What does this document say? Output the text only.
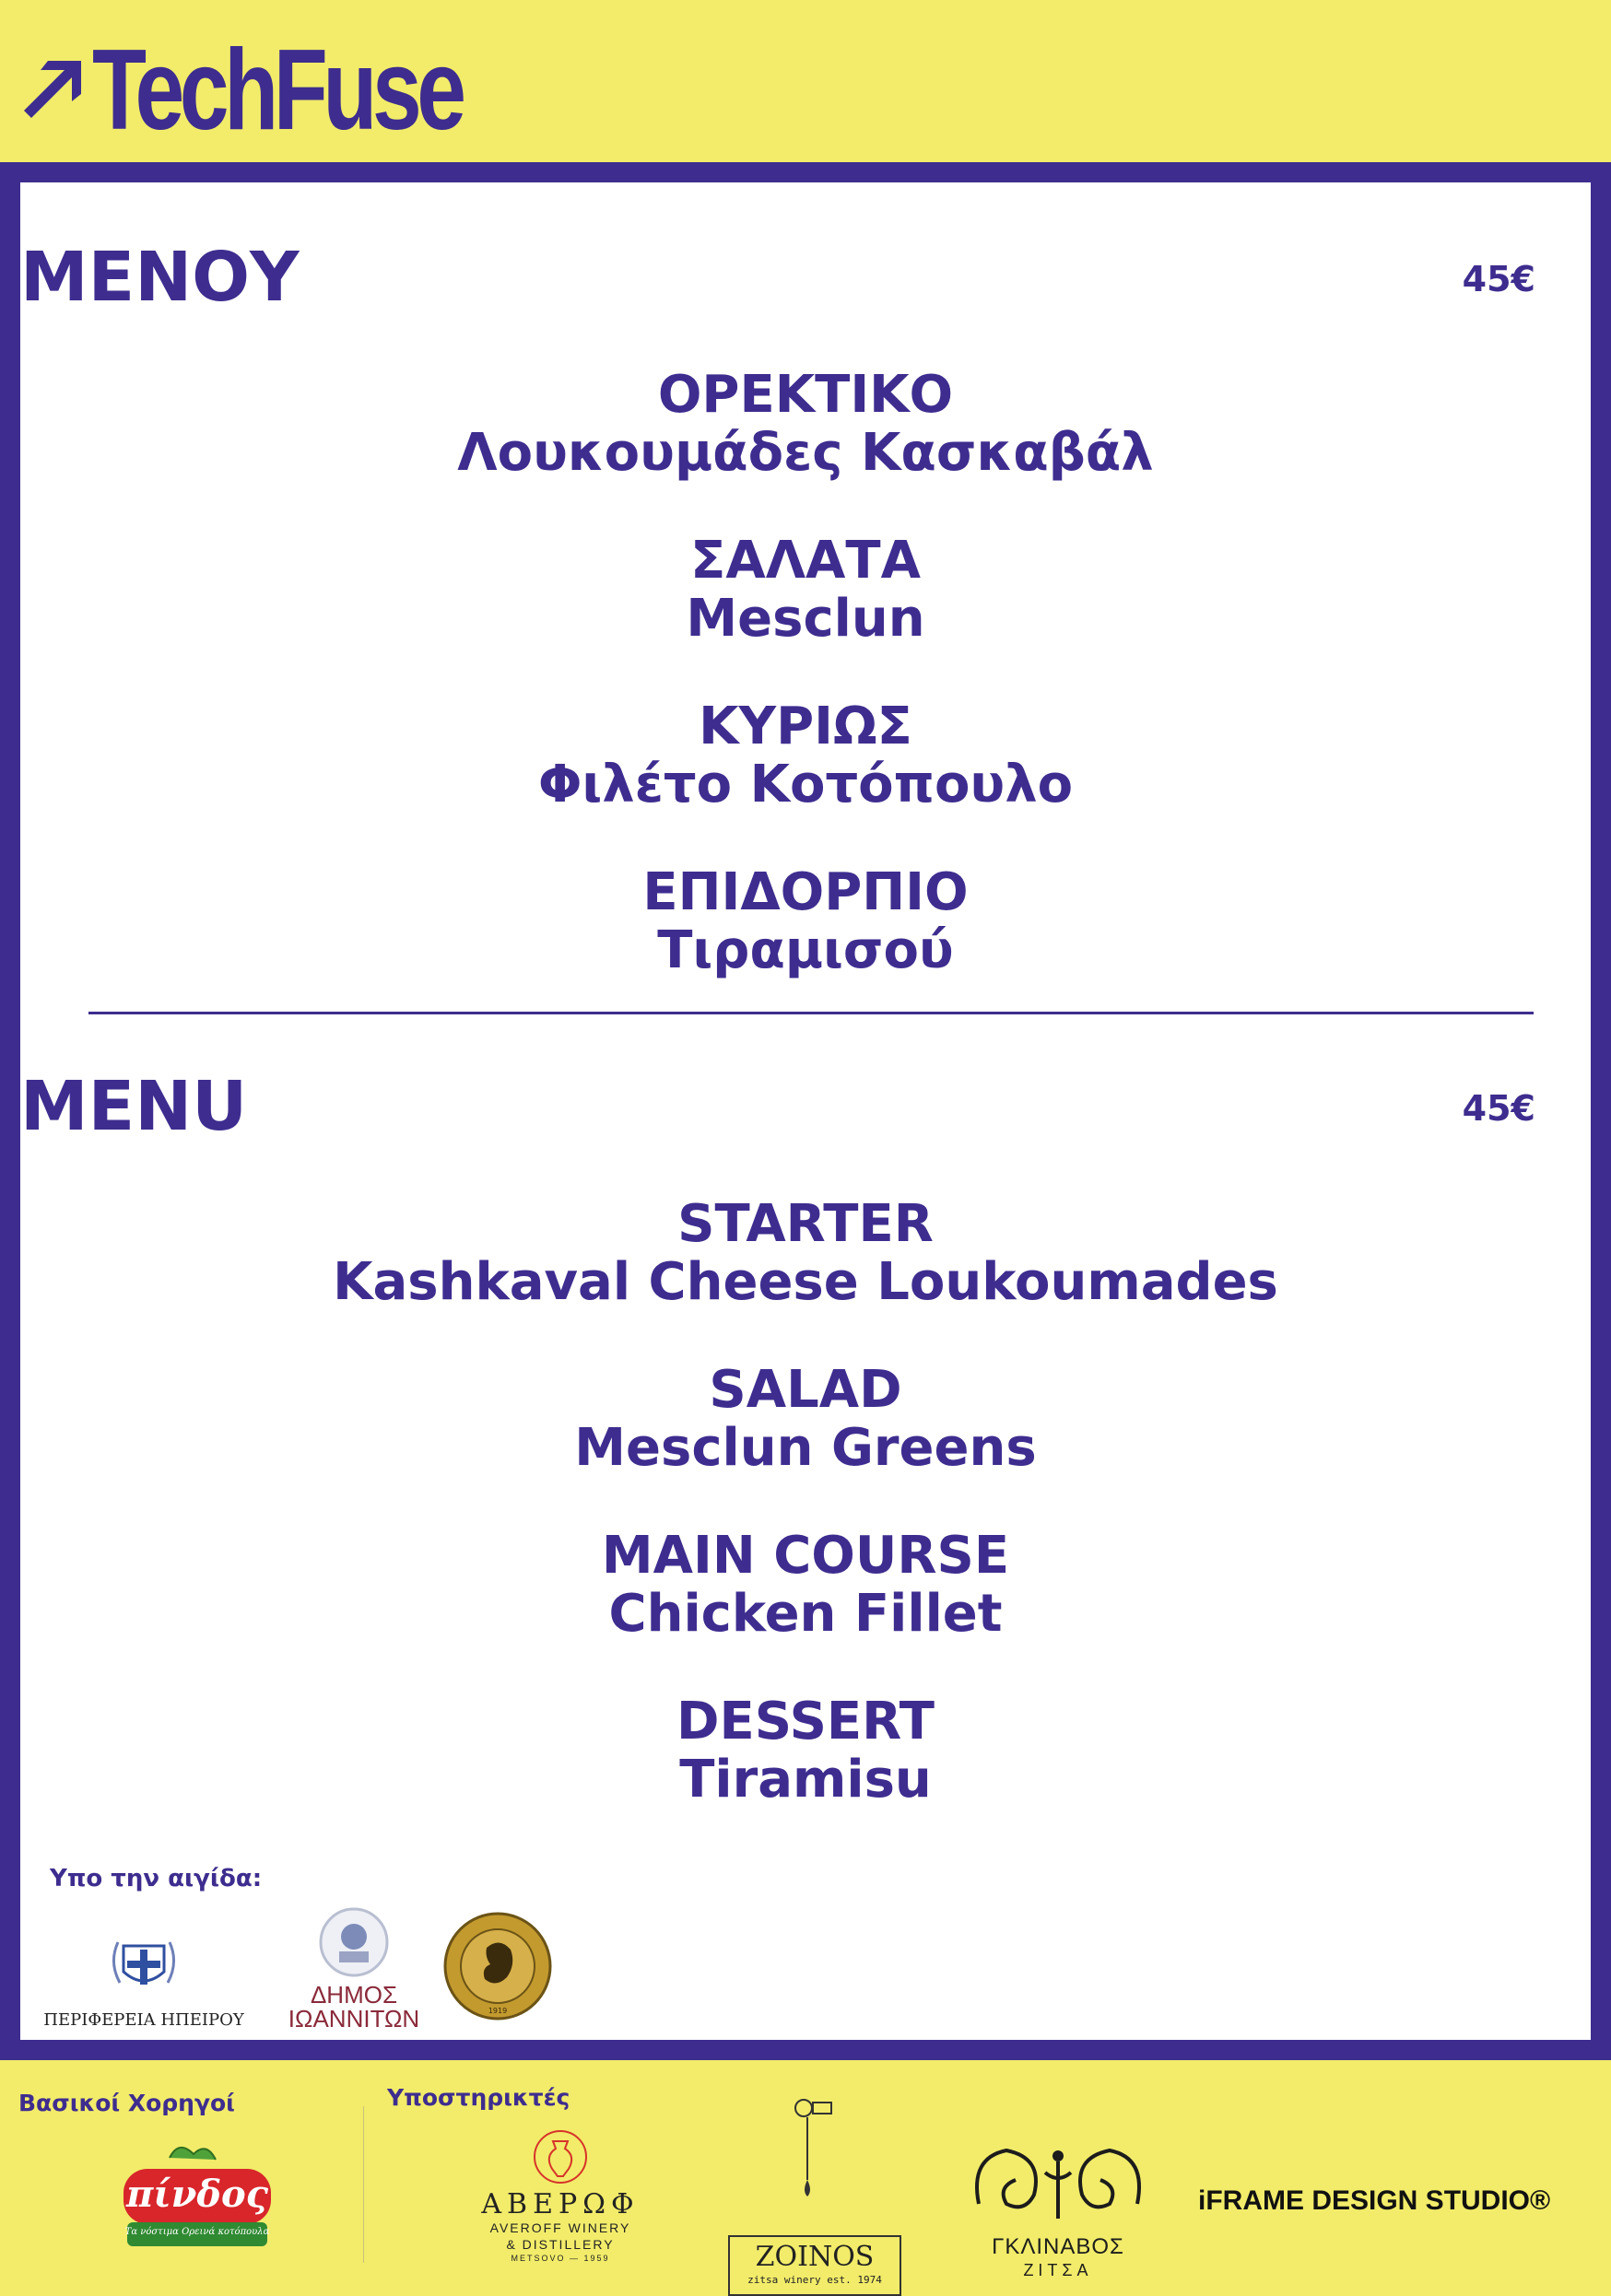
TechFuse
ΜΕΝΟΥ	45€
ΟΡΕΚΤΙΚΟ
Λουκουμάδες Κασκαβάλ
ΣΑΛΑΤΑ
Mesclun
ΚΥΡΙΩΣ
Φιλέτο Κοτόπουλο
ΕΠΙΔΟΡΠΙΟ
Τιραμισού
MENU	45€
STARTER
Kashkaval Cheese Loukoumades
SALAD
Mesclun Greens
MAIN COURSE
Chicken Fillet
DESSERT
Tiramisu
Υπο την αιγίδα:
ΠΕΡΙΦΕΡΕΙΑ ΗΠΕΙΡΟΥ
ΔΗΜΟΣ
ΙΩΑΝΝΙΤΩΝ	1919
Βασικοί Χορηγοί	Υποστηρικτές
πίνδος
Τα νόστιμα Ορεινά κοτόπουλα
ΑΒΕΡΩΦ
AVEROFF WINERY
& DISTILLERY
METSOVO — 1959	ZOINOS
zitsa winery est. 1974
ΓΚΛΙΝΑΒΟΣ
ΖΙΤΣΑ
iFRAME DESIGN STUDIO®
